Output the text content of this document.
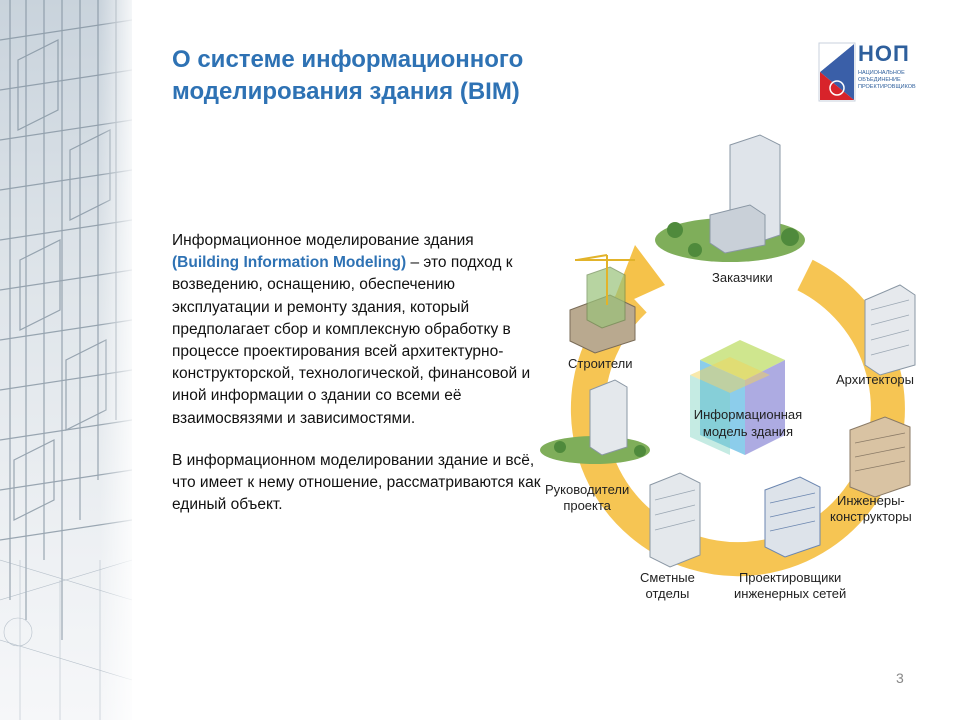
О системе информационного
моделирования здания (BIM)
НОП
НАЦИОНАЛЬНОЕ ОБЪЕДИНЕНИЕ ПРОЕКТИРОВЩИКОВ

Информационное моделирование здания (Building Information Modeling) – это подход к возведению, оснащению, обеспечению эксплуатации и ремонту здания, который предполагает сбор и комплексную обработку в процессе проектирования всей архитектурно-конструкторской, технологической, финансовой и иной информации о здании со всеми её взаимосвязями и зависимостями.

В информационном моделировании здание и всё, что имеет к нему отношение, рассматриваются как единый объект.

Заказчики
Архитекторы
Инженеры-
конструкторы
Проектировщики
инженерных сетей
Сметные
отделы
Руководители
проекта
Строители
Информационная
модель здания
3
